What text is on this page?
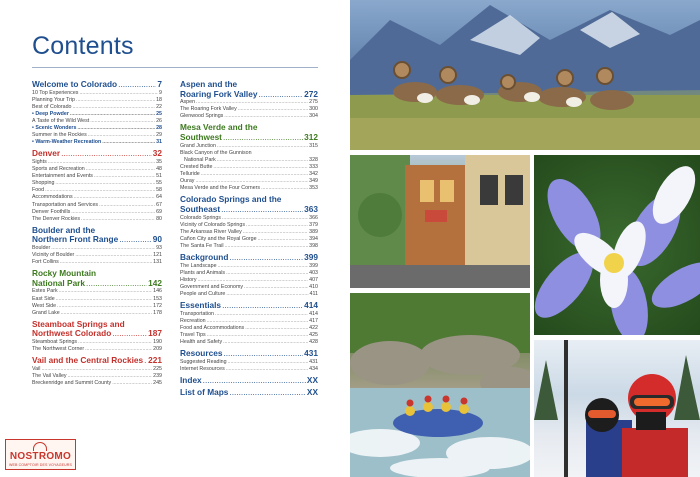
Contents
Welcome to Colorado .....	7
10 Top Experiences .....	9
Planning Your Trip .....	18
Best of Colorado .....	22
• Deep Powder .....	25
A Taste of the Wild West .....	26
• Scenic Wonders .....	28
Summer in the Rockies .....	29
• Warm-Weather Recreation .....	31
Denver .....	32
Sights .....	35
Sports and Recreation .....	48
Entertainment and Events .....	51
Shopping .....	55
Food .....	58
Accommodations .....	64
Transportation and Services .....	67
Denver Foothills .....	69
The Denver Rockies .....	80
Boulder and the
Northern Front Range .....	90
Boulder .....	93
Vicinity of Boulder .....	121
Fort Collins .....	131
Rocky Mountain
National Park .....	142
Estes Park .....	146
East Side .....	153
West Side .....	172
Grand Lake .....	178
Steamboat Springs and
Northwest Colorado .....	187
Steamboat Springs .....	190
The Northwest Corner .....	209
Vail and the Central Rockies ..... 221
Vail .....	225
The Vail Valley .....	239
Breckenridge and Summit County .....	245
Aspen and the
Roaring Fork Valley .....	272
Aspen .....	275
The Roaring Fork Valley .....	300
Glenwood Springs .....	304
Mesa Verde and the
Southwest .....	312
Grand Junction .....	315
Black Canyon of the Gunnison
National Park .....	328
Crested Butte .....	333
Telluride .....	342
Ouray .....	349
Mesa Verde and the Four Corners .....	353
Colorado Springs and the
Southeast .....	363
Colorado Springs .....	366
Vicinity of Colorado Springs .....	379
The Arkansas River Valley .....	389
Cañon City and the Royal Gorge .....	394
The Santa Fe Trail .....	398
Background .....	399
The Landscape .....	399
Plants and Animals .....	403
History .....	407
Government and Economy .....	410
People and Culture .....	411
Essentials .....	414
Transportation .....	414
Recreation .....	417
Food and Accommodations .....	422
Travel Tips .....	425
Health and Safety .....	428
Resources .....	431
Suggested Reading .....	431
Internet Resources .....	434
Index .....	XX
List of Maps .....	XX
NOSTROMO
WEB COMPTOIR DES VOYAGEURS
